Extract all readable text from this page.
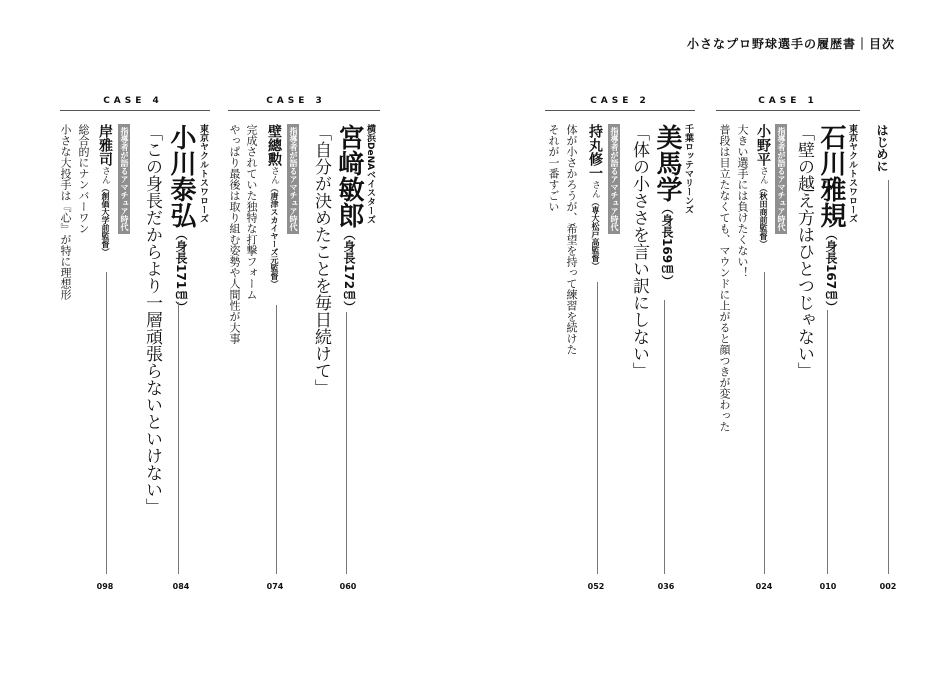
小さなプロ野球選手の履歴書｜目次
はじめに
002
CASE 1
東京ヤクルトスワローズ
石川雅規（身長167㎝）
「壁の越え方はひとつじゃない」
010
指導者が語るアマチュア時代
小野平さん（秋田商前監督）
大きい選手には負けたくない！
普段は目立たなくても、マウンドに上がると顔つきが変わった
024
CASE 2
千葉ロッテマリーンズ
美馬学（身長169㎝）
「体の小ささを言い訳にしない」
036
指導者が語るアマチュア時代
持丸修一さん（専大松戸高監督）
体が小さかろうが、希望を持って練習を続けた
それが一番すごい
052
CASE 3
横浜DeNAベイスターズ
宮﨑敏郎（身長172㎝）
「自分が決めたことを毎日続けて」
060
指導者が語るアマチュア時代
壁總勲さん（唐津スカイヤーズ元監督）
完成されていた独特な打撃フォーム
やっぱり最後は取り組む姿勢や人間性が大事
074
CASE 4
東京ヤクルトスワローズ
小川泰弘（身長171㎝）
「この身長だからより一層頑張らないといけない」
084
指導者が語るアマチュア時代
岸雅司さん（創価大学前監督）
総合的にナンバーワン
小さな大投手は『心』が特に理想形
098
